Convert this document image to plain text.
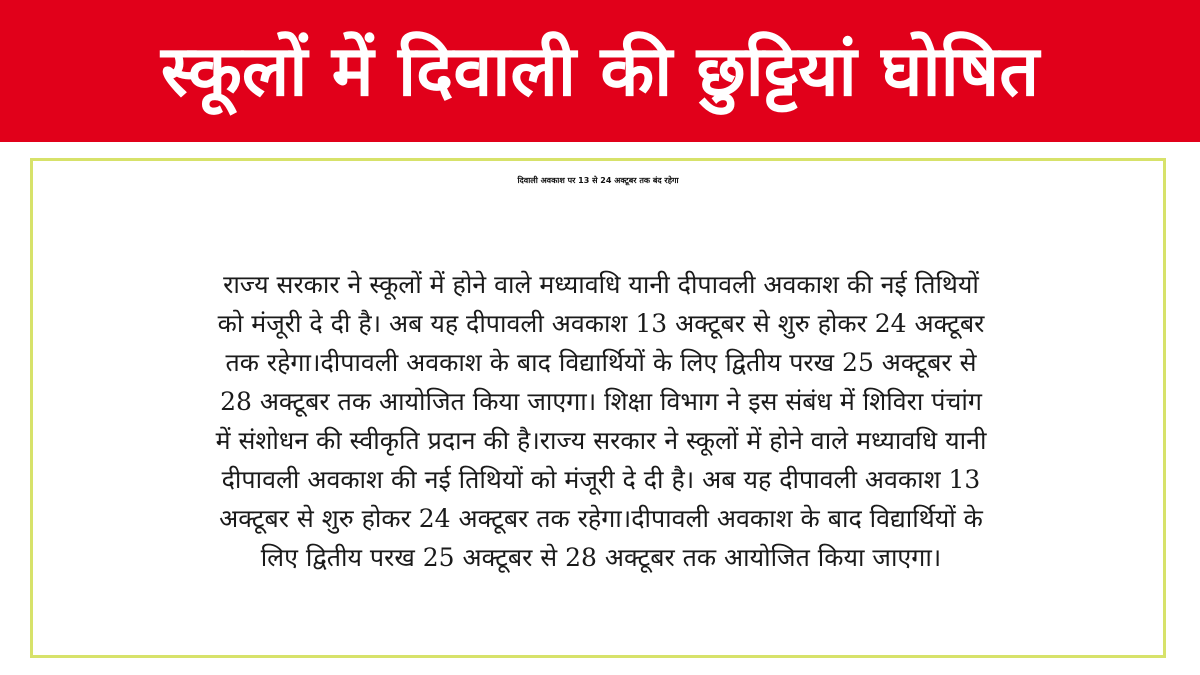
स्कूलों में दिवाली की छुट्टियां घोषित
दिवाली अवकाश पर 13 से 24 अक्टूबर तक बंद रहेगा
राज्य सरकार ने स्कूलों में होने वाले मध्यावधि यानी दीपावली अवकाश की नई तिथियों
को मंजूरी दे दी है। अब यह दीपावली अवकाश 13 अक्टूबर से शुरु होकर 24 अक्टूबर
तक रहेगा।दीपावली अवकाश के बाद विद्यार्थियों के लिए द्वितीय परख 25 अक्टूबर से
28 अक्टूबर तक आयोजित किया जाएगा। शिक्षा विभाग ने इस संबंध में शिविरा पंचांग
में संशोधन की स्वीकृति प्रदान की है।राज्य सरकार ने स्कूलों में होने वाले मध्यावधि यानी
दीपावली अवकाश की नई तिथियों को मंजूरी दे दी है। अब यह दीपावली अवकाश 13
अक्टूबर से शुरु होकर 24 अक्टूबर तक रहेगा।दीपावली अवकाश के बाद विद्यार्थियों के
लिए द्वितीय परख 25 अक्टूबर से 28 अक्टूबर तक आयोजित किया जाएगा।
